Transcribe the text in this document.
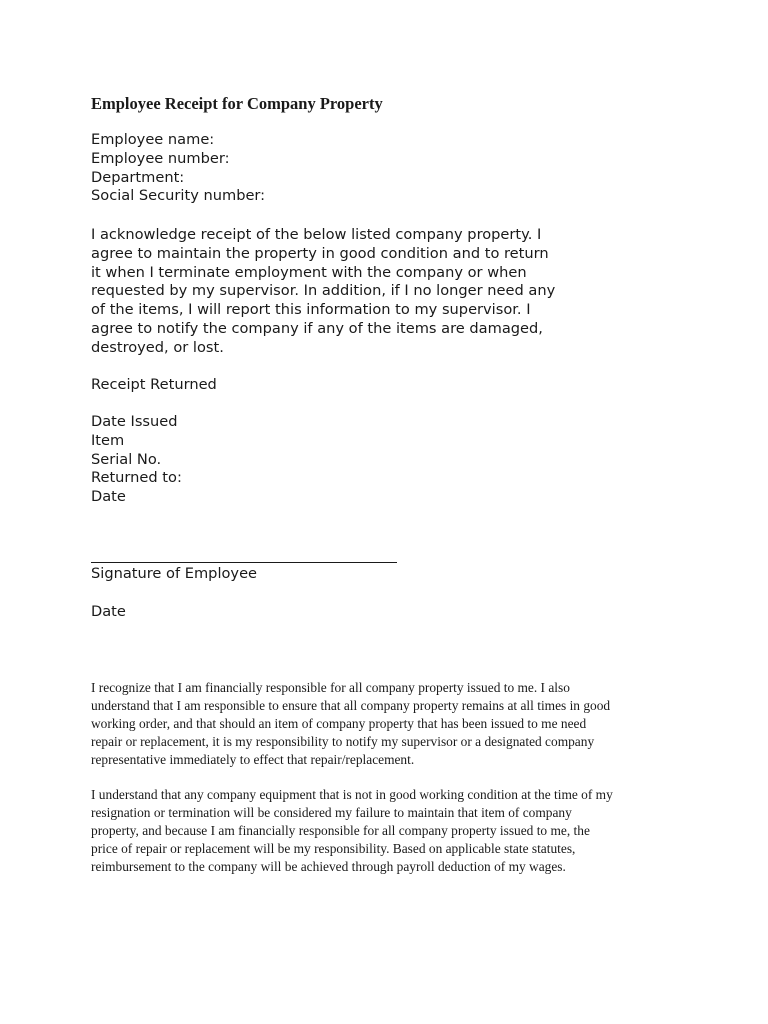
Employee Receipt for Company Property
Employee name:
Employee number:
Department:
Social Security number:
I acknowledge receipt of the below listed company property. I
agree to maintain the property in good condition and to return
it when I terminate employment with the company or when
requested by my supervisor. In addition, if I no longer need any
of the items, I will report this information to my supervisor. I
agree to notify the company if any of the items are damaged,
destroyed, or lost.
Receipt Returned
Date Issued
Item
Serial No.
Returned to:
Date
Signature of Employee
Date
I recognize that I am financially responsible for all company property issued to me. I also
understand that I am responsible to ensure that all company property remains at all times in good
working order, and that should an item of company property that has been issued to me need
repair or replacement, it is my responsibility to notify my supervisor or a designated company
representative immediately to effect that repair/replacement.
I understand that any company equipment that is not in good working condition at the time of my
resignation or termination will be considered my failure to maintain that item of company
property, and because I am financially responsible for all company property issued to me, the
price of repair or replacement will be my responsibility. Based on applicable state statutes,
reimbursement to the company will be achieved through payroll deduction of my wages.
